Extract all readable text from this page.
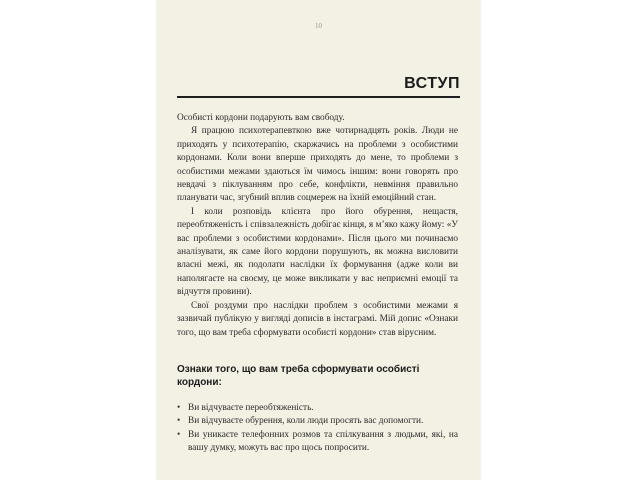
10
ВСТУП

Особисті кордони подарують вам свободу.

Я працюю психотерапевткою вже чотирнадцять років. Люди не приходять у психотерапію, скаржачись на проблеми з особистими кордонами. Коли вони вперше приходять до мене, то проблеми з особистими межами здаються їм чимось іншим: вони говорять про невдачі з піклуванням про себе, конфлікти, невміння правильно планувати час, згубний вплив соцмереж на їхній емоційний стан.

І коли розповідь клієнта про його обурення, нещастя, переобтяженість і співзалежність добігає кінця, я м’яко кажу йому: «У вас проблеми з особистими кордонами». Після цього ми починаємо аналізувати, як саме його кордони порушують, як можна висловити власні межі, як подолати наслідки їх формування (адже коли ви наполягаєте на своєму, це може викликати у вас неприємні емоції та відчуття провини).

Свої роздуми про наслідки проблем з особистими межами я зазвичай публікую у вигляді дописів в інстаграмі. Мій допис «Ознаки того, що вам треба сформувати особисті кордони» став вірусним.

Ознаки того, що вам треба сформувати особисті кордони:
• Ви відчуваєте переобтяженість.
• Ви відчуваєте обурення, коли люди просять вас допомогти.
• Ви уникаєте телефонних розмов та спілкування з людьми, які, на вашу думку, можуть вас про щось попросити.
